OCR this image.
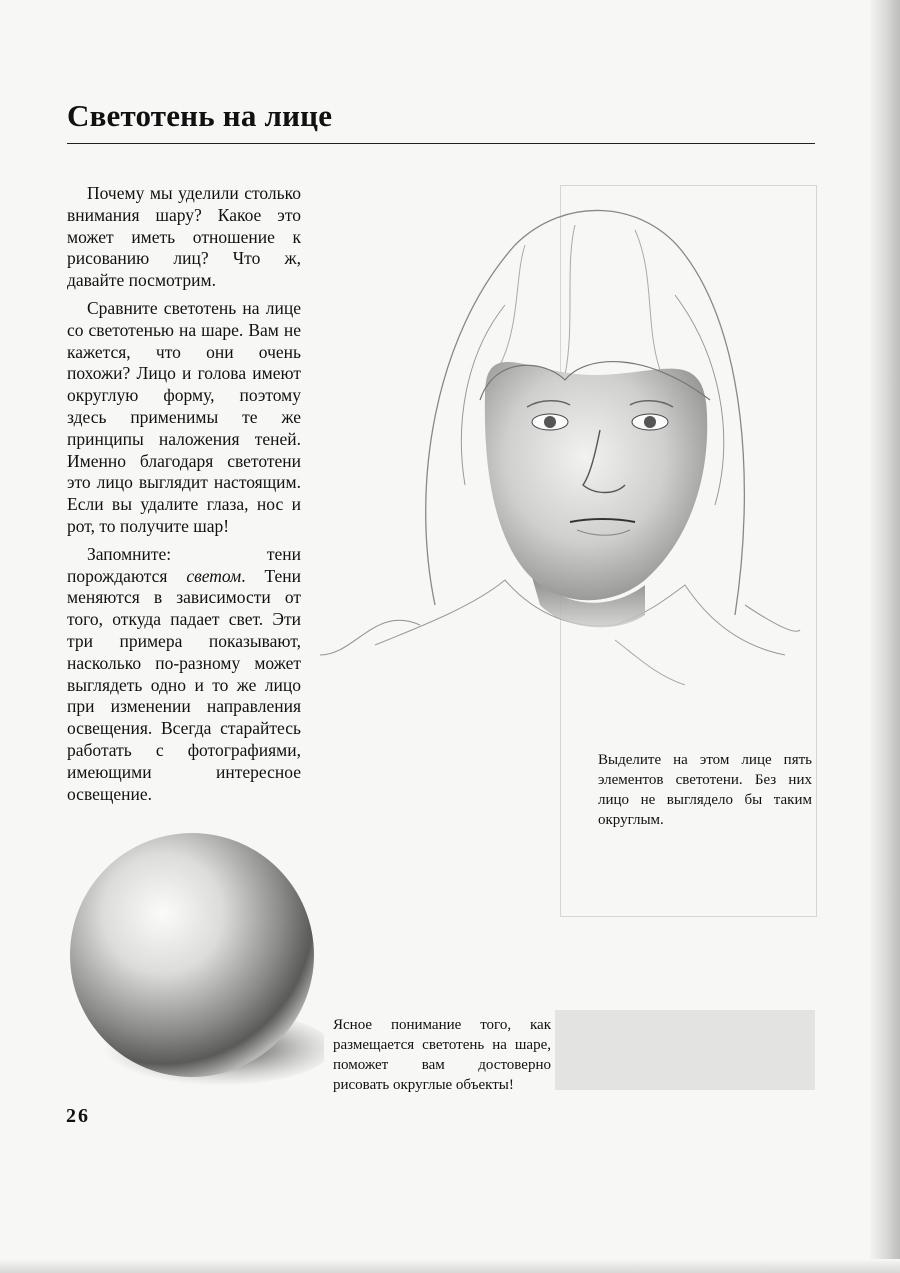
Светотень на лице

Почему мы уделили столько внимания шару? Какое это может иметь отношение к рисованию лиц? Что ж, давайте посмотрим.

Сравните светотень на лице со светотенью на шаре. Вам не кажется, что они очень похожи? Лицо и голова имеют округлую форму, поэтому здесь применимы те же принципы наложения теней. Именно благодаря светотени это лицо выглядит настоящим. Если вы удалите глаза, нос и рот, то получите шар!

Запомните: тени порождаются светом. Тени меняются в зависимости от того, откуда падает свет. Эти три примера показывают, насколько по-разному может выглядеть одно и то же лицо при изменении направления освещения. Всегда старайтесь работать с фотографиями, имеющими интересное освещение.

Выделите на этом лице пять элементов светотени. Без них лицо не выглядело бы таким округлым.
Ясное понимание того, как размещается светотень на шаре, поможет вам достоверно рисовать округлые объекты!
26
